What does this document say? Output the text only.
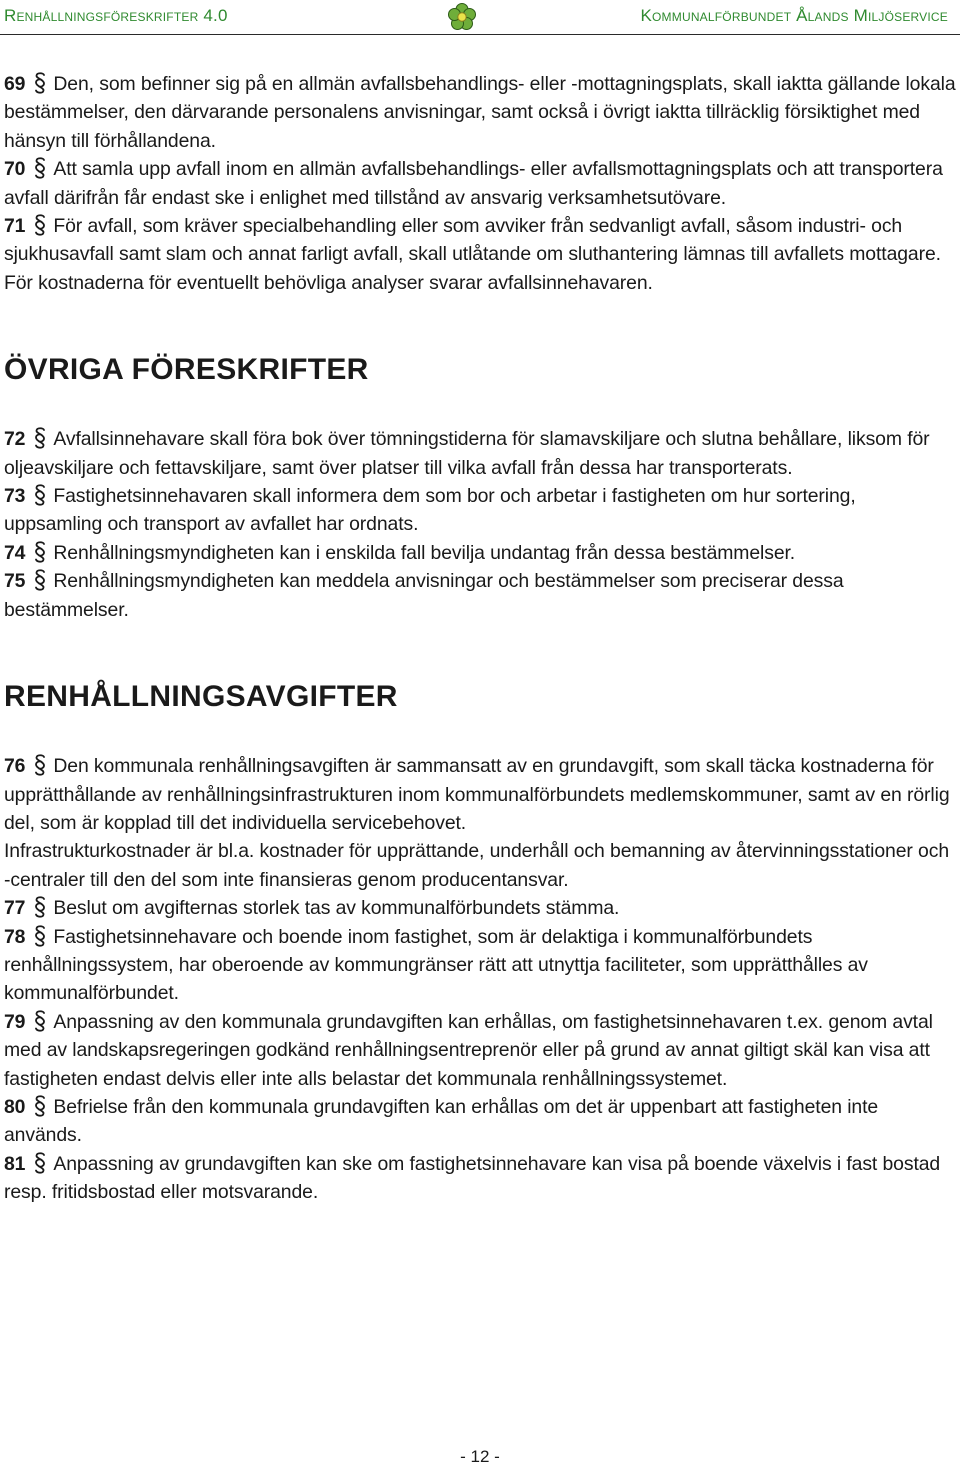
Renhållningsföreskrifter 4.0	Kommunalförbundet Ålands Miljöservice

69 Den, som befinner sig på en allmän avfallsbehandlings- eller -mottagningsplats, skall iaktta gällande lokala bestämmelser, den därvarande personalens anvisningar, samt också i övrigt iaktta tillräcklig försiktighet med hänsyn till förhållandena.

70 Att samla upp avfall inom en allmän avfallsbehandlings- eller avfallsmottagningsplats och att transportera avfall därifrån får endast ske i enlighet med tillstånd av ansvarig verksamhetsutövare.

71 För avfall, som kräver specialbehandling eller som avviker från sedvanligt avfall, såsom industri- och sjukhusavfall samt slam och annat farligt avfall, skall utlåtande om sluthantering lämnas till avfallets mottagare. För kostnaderna för eventuellt behövliga analyser svarar avfallsinnehavaren.

ÖVRIGA FÖRESKRIFTER

72 Avfallsinnehavare skall föra bok över tömningstiderna för slamavskiljare och slutna behållare, liksom för oljeavskiljare och fettavskiljare, samt över platser till vilka avfall från dessa har transporterats.

73 Fastighetsinnehavaren skall informera dem som bor och arbetar i fastigheten om hur sortering, uppsamling och transport av avfallet har ordnats.

74 Renhållningsmyndigheten kan i enskilda fall bevilja undantag från dessa bestämmelser.

75 Renhållningsmyndigheten kan meddela anvisningar och bestämmelser som preciserar dessa bestämmelser.

RENHÅLLNINGSAVGIFTER

76 Den kommunala renhållningsavgiften är sammansatt av en grundavgift, som skall täcka kostnaderna för upprätthållande av renhållningsinfrastrukturen inom kommunalförbundets medlemskommuner, samt av en rörlig del, som är kopplad till det individuella servicebehovet.

Infrastrukturkostnader är bl.a. kostnader för upprättande, underhåll och bemanning av återvinningsstationer och -centraler till den del som inte finansieras genom producentansvar.

77 Beslut om avgifternas storlek tas av kommunalförbundets stämma.

78 Fastighetsinnehavare och boende inom fastighet, som är delaktiga i kommunalförbundets renhållningssystem, har oberoende av kommungränser rätt att utnyttja faciliteter, som upprätthålles av kommunalförbundet.

79 Anpassning av den kommunala grundavgiften kan erhållas, om fastighetsinnehavaren t.ex. genom avtal med av landskapsregeringen godkänd renhållningsentreprenör eller på grund av annat giltigt skäl kan visa att fastigheten endast delvis eller inte alls belastar det kommunala renhållningssystemet.

80 Befrielse från den kommunala grundavgiften kan erhållas om det är uppenbart att fastigheten inte används.

81 Anpassning av grundavgiften kan ske om fastighetsinnehavare kan visa på boende växelvis i fast bostad resp. fritidsbostad eller motsvarande.

- 12 -
